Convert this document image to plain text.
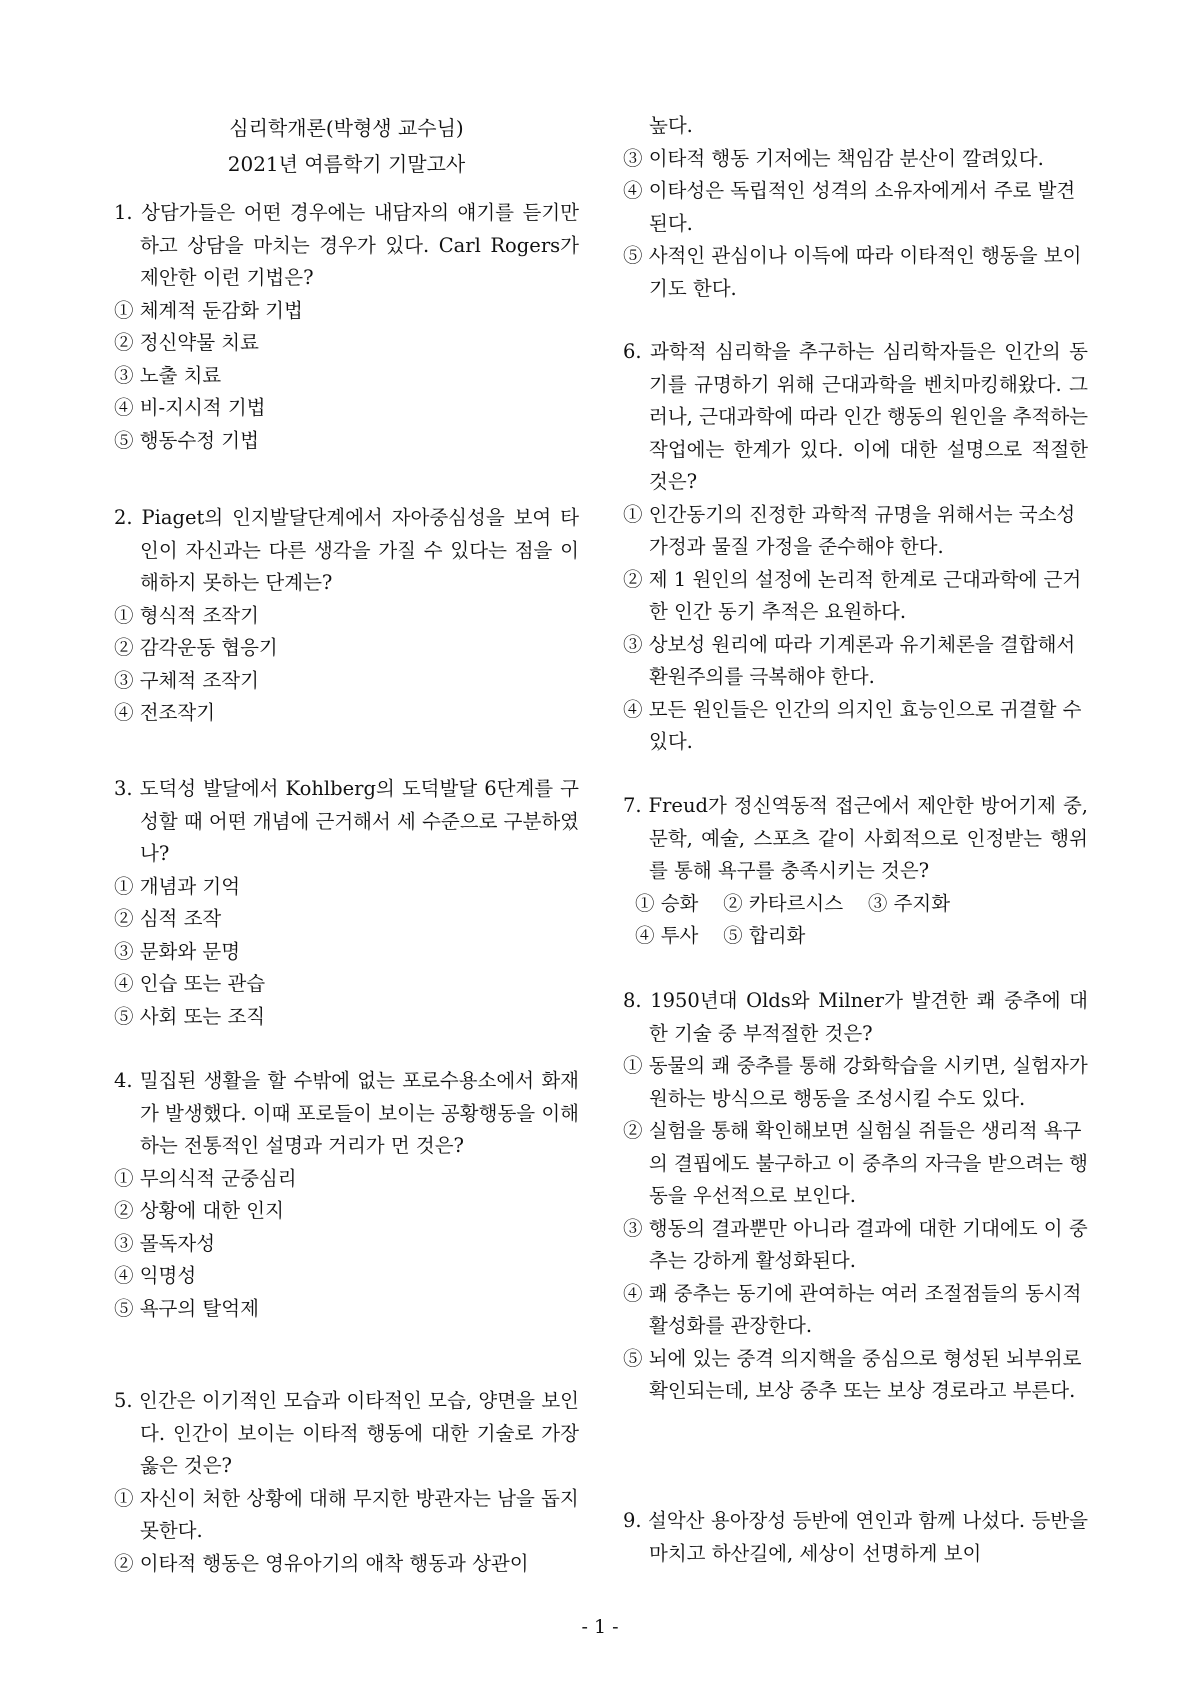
심리학개론(박형생 교수님)
2021년 여름학기 기말고사
1. 상담가들은 어떤 경우에는 내담자의 얘기를 듣기만 하고 상담을 마치는 경우가 있다. Carl Rogers가 제안한 이런 기법은?
① 체계적 둔감화 기법
② 정신약물 치료
③ 노출 치료
④ 비-지시적 기법
⑤ 행동수정 기법
2. Piaget의 인지발달단계에서 자아중심성을 보여 타인이 자신과는 다른 생각을 가질 수 있다는 점을 이해하지 못하는 단계는?
① 형식적 조작기
② 감각운동 협응기
③ 구체적 조작기
④ 전조작기
3. 도덕성 발달에서 Kohlberg의 도덕발달 6단계를 구성할 때 어떤 개념에 근거해서 세 수준으로 구분하였나?
① 개념과 기억
② 심적 조작
③ 문화와 문명
④ 인습 또는 관습
⑤ 사회 또는 조직
4. 밀집된 생활을 할 수밖에 없는 포로수용소에서 화재가 발생했다. 이때 포로들이 보이는 공황행동을 이해하는 전통적인 설명과 거리가 먼 것은?
① 무의식적 군중심리
② 상황에 대한 인지
③ 몰독자성
④ 익명성
⑤ 욕구의 탈억제
5. 인간은 이기적인 모습과 이타적인 모습, 양면을 보인다. 인간이 보이는 이타적 행동에 대한 기술로 가장 옳은 것은?
① 자신이 처한 상황에 대해 무지한 방관자는 남을 돕지 못한다.
② 이타적 행동은 영유아기의 애착 행동과 상관이
높다.
③ 이타적 행동 기저에는 책임감 분산이 깔려있다.
④ 이타성은 독립적인 성격의 소유자에게서 주로 발견된다.
⑤ 사적인 관심이나 이득에 따라 이타적인 행동을 보이기도 한다.
6. 과학적 심리학을 추구하는 심리학자들은 인간의 동기를 규명하기 위해 근대과학을 벤치마킹해왔다. 그러나, 근대과학에 따라 인간 행동의 원인을 추적하는 작업에는 한계가 있다. 이에 대한 설명으로 적절한 것은?
① 인간동기의 진정한 과학적 규명을 위해서는 국소성 가정과 물질 가정을 준수해야 한다.
② 제 1 원인의 설정에 논리적 한계로 근대과학에 근거한 인간 동기 추적은 요원하다.
③ 상보성 원리에 따라 기계론과 유기체론을 결합해서 환원주의를 극복해야 한다.
④ 모든 원인들은 인간의 의지인 효능인으로 귀결할 수 있다.
7. Freud가 정신역동적 접근에서 제안한 방어기제 중, 문학, 예술, 스포츠 같이 사회적으로 인정받는 행위를 통해 욕구를 충족시키는 것은?
① 승화    ② 카타르시스    ③ 주지화
④ 투사    ⑤ 합리화
8. 1950년대 Olds와 Milner가 발견한 쾌 중추에 대한 기술 중 부적절한 것은?
① 동물의 쾌 중추를 통해 강화학습을 시키면, 실험자가 원하는 방식으로 행동을 조성시킬 수도 있다.
② 실험을 통해 확인해보면 실험실 쥐들은 생리적 욕구의 결핍에도 불구하고 이 중추의 자극을 받으려는 행동을 우선적으로 보인다.
③ 행동의 결과뿐만 아니라 결과에 대한 기대에도 이 중추는 강하게 활성화된다.
④ 쾌 중추는 동기에 관여하는 여러 조절점들의 동시적 활성화를 관장한다.
⑤ 뇌에 있는 중격 의지핵을 중심으로 형성된 뇌부위로 확인되는데, 보상 중추 또는 보상 경로라고 부른다.
9. 설악산 용아장성 등반에 연인과 함께 나섰다. 등반을 마치고 하산길에, 세상이 선명하게 보이
- 1 -
